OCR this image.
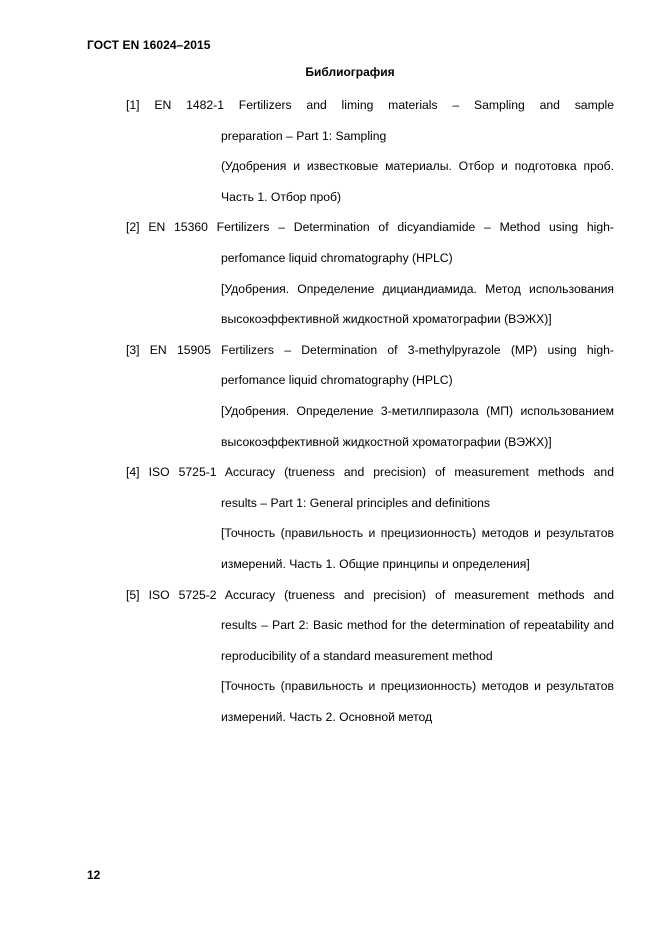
ГОСТ EN 16024–2015
Библиография
[1] EN 1482-1 Fertilizers and liming materials – Sampling and sample
preparation – Part 1: Sampling
(Удобрения и известковые материалы. Отбор и подготовка проб. Часть 1. Отбор проб)
[2] EN 15360 Fertilizers – Determination of dicyandiamide – Method using high-
perfomance liquid chromatography (HPLC)
[Удобрения. Определение дициандиамида. Метод использования высокоэффективной жидкостной хроматографии (ВЭЖХ)]
[3] EN 15905 Fertilizers – Determination of 3-methylpyrazole (MP) using high-
perfomance liquid chromatography (HPLC)
[Удобрения. Определение 3-метилпиразола (МП) использованием высокоэффективной жидкостной хроматографии (ВЭЖХ)]
[4] ISO 5725-1 Accuracy (trueness and precision) of measurement methods and
results – Part 1: General principles and definitions
[Точность (правильность и прецизионность) методов и результатов измерений. Часть 1. Общие принципы и определения]
[5] ISO 5725-2 Accuracy (trueness and precision) of measurement methods and
results – Part 2: Basic method for the determination of repeatability and reproducibility of a standard measurement method
[Точность (правильность и прецизионность) методов и результатов измерений. Часть 2. Основной метод
12
